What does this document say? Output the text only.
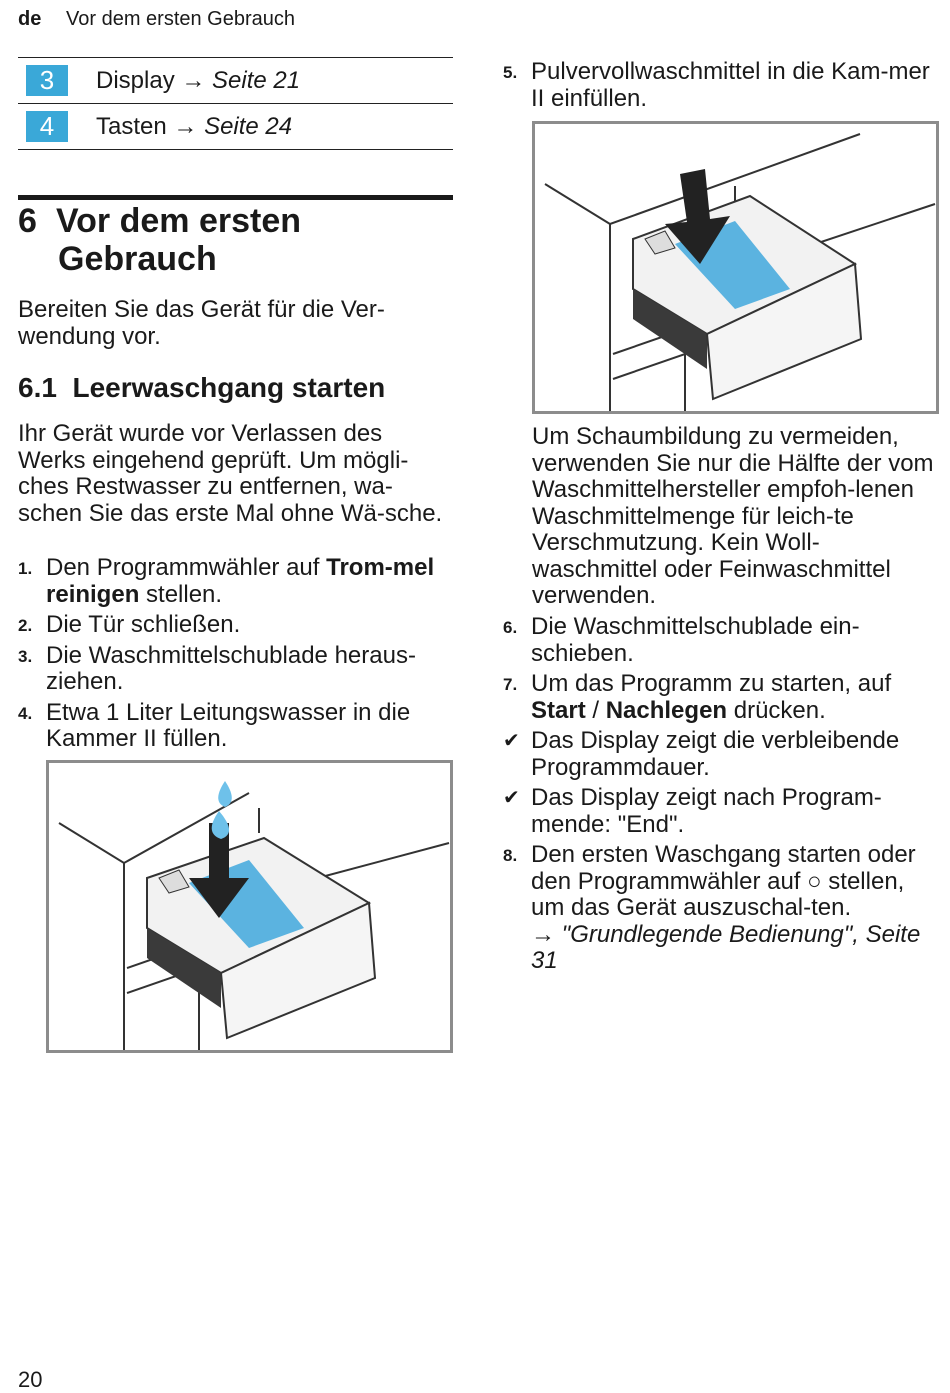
de Vor dem ersten Gebrauch
3	Display → Seite 21
4	Tasten → Seite 24
6 Vor dem ersten
Gebrauch
Bereiten Sie das Gerät für die Ver-wendung vor.
6.1 Leerwaschgang starten
Ihr Gerät wurde vor Verlassen des Werks eingehend geprüft. Um mögli-ches Restwasser zu entfernen, wa-schen Sie das erste Mal ohne Wä-sche.
1. Den Programmwähler auf Trom-mel reinigen stellen.
2. Die Tür schließen.
3. Die Waschmittelschublade heraus-ziehen.
4. Etwa 1 Liter Leitungswasser in die Kammer II füllen.
5. Pulvervollwaschmittel in die Kam-mer II einfüllen.
Um Schaumbildung zu vermeiden, verwenden Sie nur die Hälfte der vom Waschmittelhersteller empfoh-lenen Waschmittelmenge für leich-te Verschmutzung. Kein Woll-waschmittel oder Feinwaschmittel verwenden.
6. Die Waschmittelschublade ein-schieben.
7. Um das Programm zu starten, auf Start / Nachlegen drücken.
✔ Das Display zeigt die verbleibende Programmdauer.
✔ Das Display zeigt nach Program-mende: "End".
8. Den ersten Waschgang starten oder den Programmwähler auf ○ stellen, um das Gerät auszuschal-ten.
→ "Grundlegende Bedienung", Seite 31
20
